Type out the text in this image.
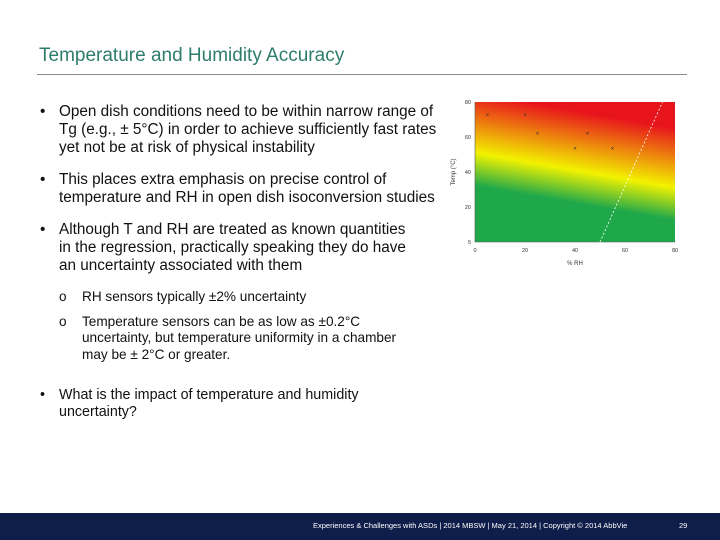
Temperature and Humidity Accuracy
• Open dish conditions need to be within narrow range of Tg (e.g., ± 5°C) in order to achieve sufficiently fast rates yet not be at risk of physical instability
• This places extra emphasis on precise control of temperature and RH in open dish isoconversion studies
• Although T and RH are treated as known quantities in the regression, practically speaking they do have an uncertainty associated with them
o RH sensors typically ±2% uncertainty
o Temperature sensors can be as low as ±0.2°C uncertainty, but temperature uniformity in a chamber may be ± 2°C or greater.
• What is the impact of temperature and humidity uncertainty?
×	×
×	×
×	×
0	20	40	60	80
80
60
40
20
5
% RH
Temp (°C)
Experiences & Challenges with ASDs | 2014 MBSW | May 21, 2014 | Copyright © 2014 AbbVie	29
